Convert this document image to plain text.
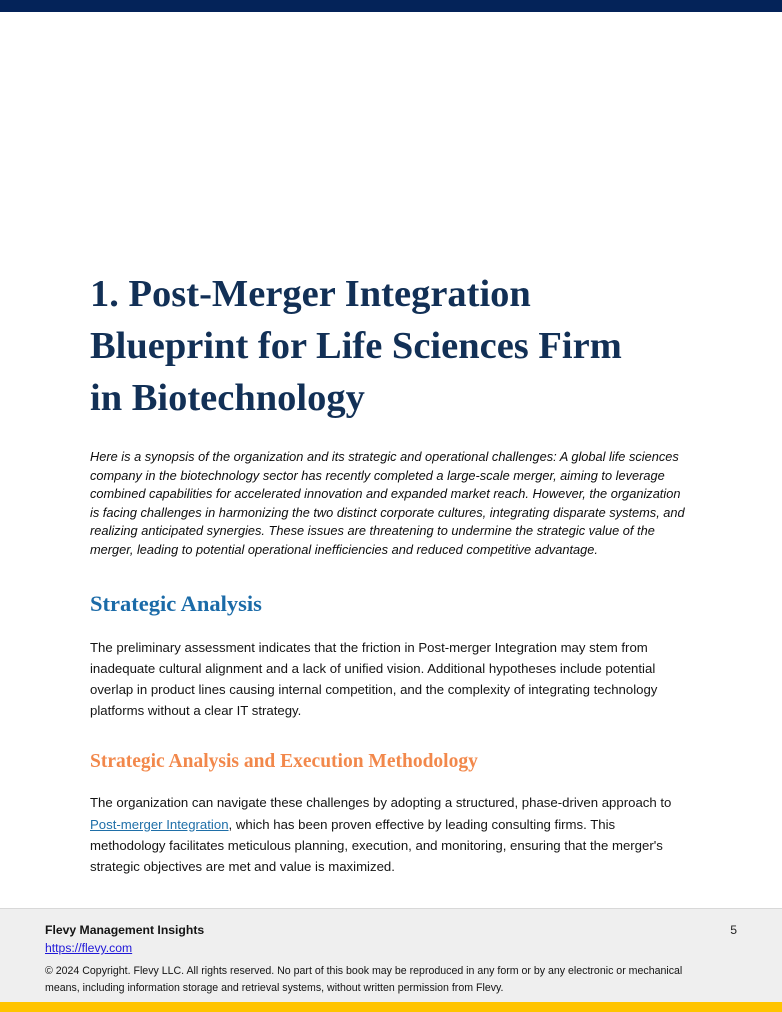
1. Post-Merger Integration Blueprint for Life Sciences Firm in Biotechnology

Here is a synopsis of the organization and its strategic and operational challenges: A global life sciences company in the biotechnology sector has recently completed a large-scale merger, aiming to leverage combined capabilities for accelerated innovation and expanded market reach. However, the organization is facing challenges in harmonizing the two distinct corporate cultures, integrating disparate systems, and realizing anticipated synergies. These issues are threatening to undermine the strategic value of the merger, leading to potential operational inefficiencies and reduced competitive advantage.

Strategic Analysis

The preliminary assessment indicates that the friction in Post-merger Integration may stem from inadequate cultural alignment and a lack of unified vision. Additional hypotheses include potential overlap in product lines causing internal competition, and the complexity of integrating technology platforms without a clear IT strategy.

Strategic Analysis and Execution Methodology

The organization can navigate these challenges by adopting a structured, phase-driven approach to Post-merger Integration, which has been proven effective by leading consulting firms. This methodology facilitates meticulous planning, execution, and monitoring, ensuring that the merger's strategic objectives are met and value is maximized.

Flevy Management Insights
https://flevy.com
5
© 2024 Copyright. Flevy LLC. All rights reserved. No part of this book may be reproduced in any form or by any electronic or mechanical means, including information storage and retrieval systems, without written permission from Flevy.
